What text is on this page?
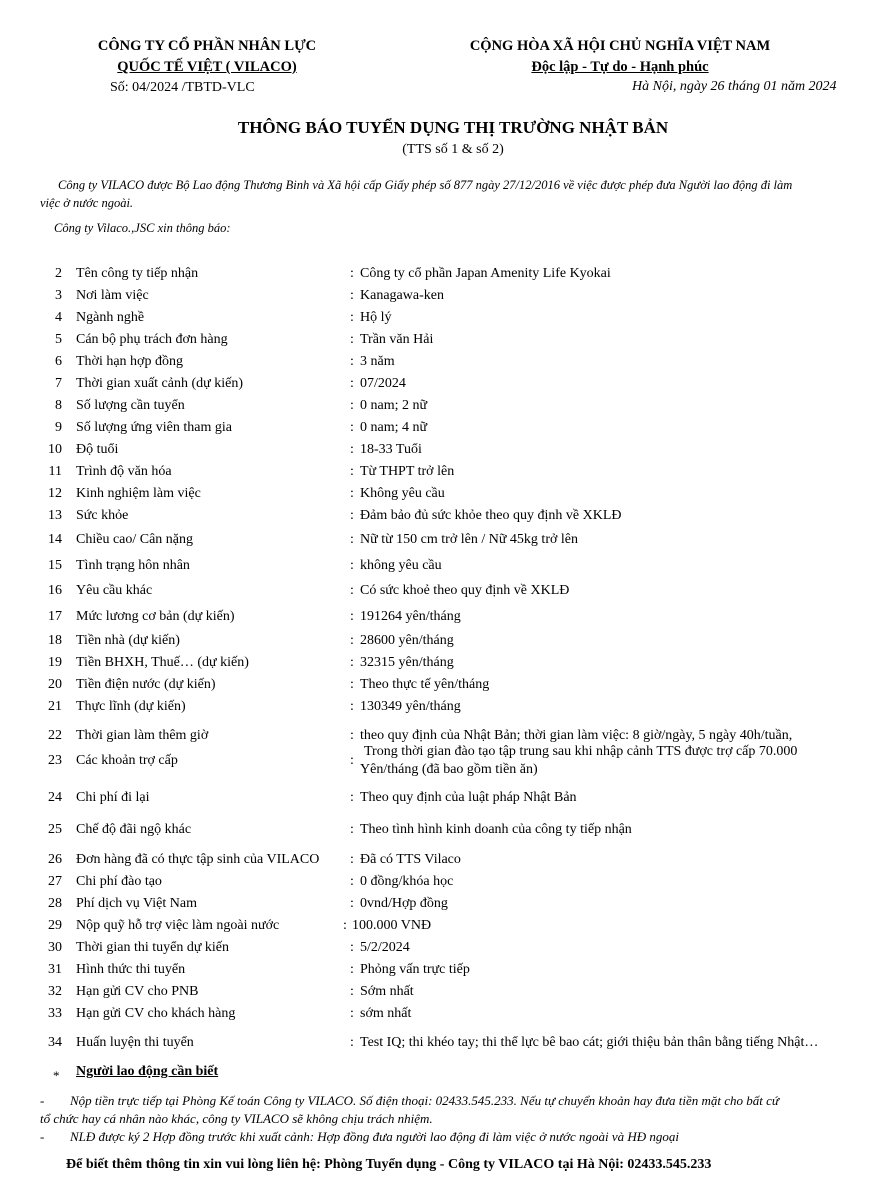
CÔNG TY CỔ PHẦN NHÂN LỰC
QUỐC TẾ VIỆT ( VILACO)
Số: 04/2024 /TBTD-VLC
CỘNG HÒA XÃ HỘI CHỦ NGHĨA VIỆT NAM
Độc lập - Tự do - Hạnh phúc
Hà Nội, ngày 26 tháng 01 năm 2024
THÔNG BÁO TUYỂN DỤNG THỊ TRƯỜNG NHẬT BẢN
(TTS số 1 & số 2)
Công ty VILACO được Bộ Lao động Thương Binh và Xã hội cấp Giấy phép số 877 ngày 27/12/2016 về việc được phép đưa Người lao động đi làm
việc ở nước ngoài.
Công ty Vilaco.,JSC xin thông báo:
2 Tên công ty tiếp nhận	: Công ty cổ phần Japan Amenity Life Kyokai
3 Nơi làm việc	: Kanagawa-ken
4 Ngành nghề	: Hộ lý
5 Cán bộ phụ trách đơn hàng	: Trần văn Hải
6 Thời hạn hợp đồng	: 3 năm
7 Thời gian xuất cảnh (dự kiến)	: 07/2024
8 Số lượng cần tuyển	: 0 nam; 2 nữ
9 Số lượng ứng viên tham gia	: 0 nam; 4 nữ
10 Độ tuổi	: 18-33 Tuổi
11 Trình độ văn hóa	: Từ THPT trở lên
12 Kinh nghiệm làm việc	: Không yêu cầu
13 Sức khỏe	: Đảm bảo đủ sức khỏe theo quy định về XKLĐ
14 Chiều cao/ Cân nặng	: Nữ từ 150 cm trở lên / Nữ 45kg trở lên
15 Tình trạng hôn nhân	: không yêu cầu
16 Yêu cầu khác	: Có sức khoẻ theo quy định về XKLĐ
17 Mức lương cơ bản (dự kiến)	: 191264 yên/tháng
18 Tiền nhà (dự kiến)	: 28600 yên/tháng
19 Tiền BHXH, Thuế… (dự kiến)	: 32315 yên/tháng
20 Tiền điện nước (dự kiến)	: Theo thực tế yên/tháng
21 Thực lĩnh (dự kiến)	: 130349 yên/tháng
22 Thời gian làm thêm giờ	: theo quy định của Nhật Bản; thời gian làm việc: 8 giờ/ngày, 5 ngày 40h/tuần,
23 Các khoản trợ cấp	:
Trong thời gian đào tạo tập trung sau khi nhập cảnh TTS được trợ cấp 70.000
Yên/tháng (đã bao gồm tiền ăn)
24 Chi phí đi lại	: Theo quy định của luật pháp Nhật Bản
25 Chế độ đãi ngộ khác	: Theo tình hình kinh doanh của công ty tiếp nhận
26 Đơn hàng đã có thực tập sinh của VILACO : Đã có TTS Vilaco
27 Chi phí đào tạo	: 0 đồng/khóa học
28 Phí dịch vụ Việt Nam	: 0vnd/Hợp đồng
29 Nộp quỹ hỗ trợ việc làm ngoài nước	: 100.000 VNĐ
30 Thời gian thi tuyển dự kiến	: 5/2/2024
31 Hình thức thi tuyển	: Phỏng vấn trực tiếp
32 Hạn gửi CV cho PNB	: Sớm nhất
33 Hạn gửi CV cho khách hàng	: sớm nhất
34 Huấn luyện thi tuyển	: Test IQ; thi khéo tay; thi thể lực bê bao cát; giới thiệu bản thân bằng tiếng Nhật…
* Người lao động cần biết
- Nộp tiền trực tiếp tại Phòng Kế toán Công ty VILACO. Số điện thoại: 02433.545.233. Nếu tự chuyển khoản hay đưa tiền mặt cho bất cứ
tổ chức hay cá nhân nào khác, công ty VILACO sẽ không chịu trách nhiệm.
- NLĐ được ký 2 Hợp đồng trước khi xuất cảnh: Hợp đồng đưa người lao động đi làm việc ở nước ngoài và HĐ ngoại
Để biết thêm thông tin xin vui lòng liên hệ: Phòng Tuyển dụng - Công ty VILACO tại Hà Nội: 02433.545.233
